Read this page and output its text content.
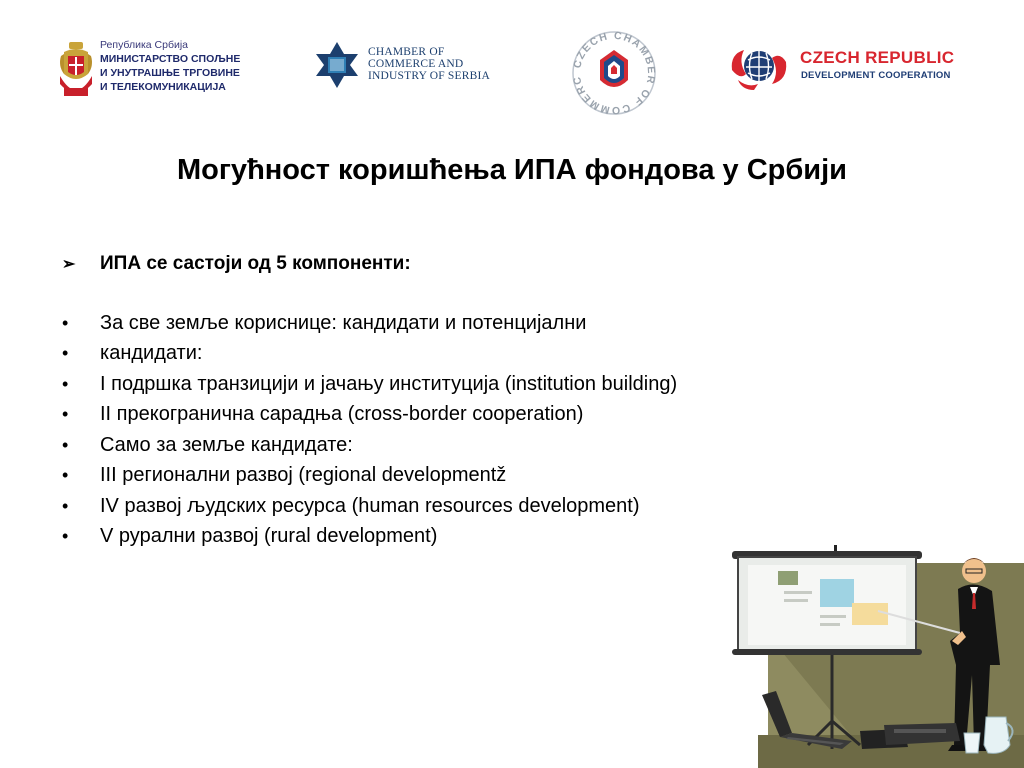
Република Србија
МИНИСТАРСТВО СПОЉНЕ
И УНУТРАШЊЕ ТРГОВИНЕ
И ТЕЛЕКОМУНИКАЦИЈА
CHAMBER OF
COMMERCE AND
INDUSTRY OF SERBIA
CZECH CHAMBER OF COMMERC
CZECH REPUBLIC
DEVELOPMENT COOPERATION
Могућност коришћења ИПА фондова у Србији
➢	ИПА се састоји од 5 компоненти:
•	За све земље кориснице: кандидати и потенцијални
•	кандидати:
•	I подршка транзицији и јачању институција (institution building)
•	II прекогранична сарадња (cross-border cooperation)
•	Само за земље кандидате:
•	III регионални развој (regional developmentž
•	IV развој људских ресурса (human resources development)
•	V рурални развој (rural development)
